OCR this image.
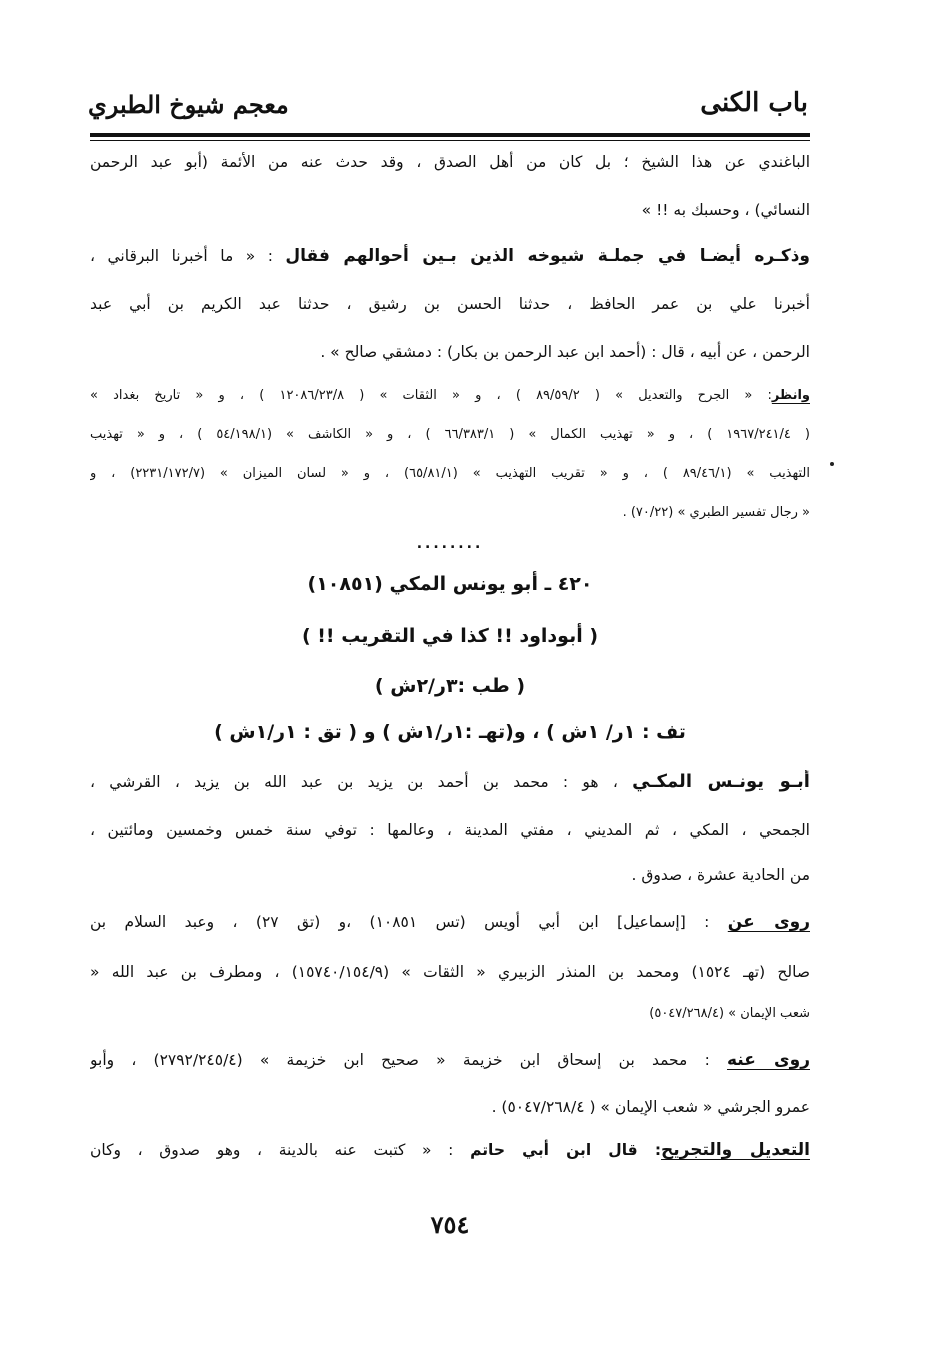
باب الكنى
معجم شيوخ الطبري
الباغندي عن هذا الشيخ ؛ بل كان من أهل الصدق ، وقد حدث عنه من الأئمة (أبو عبد الرحمن
النسائي) ، وحسبك به !! »
وذكـره أيضـا في جملـة شيوخه الذين بـين أحوالهم فقال : « ما أخبرنا البرقاني ،
أخبرنا علي بن عمر الحافظ ، حدثنا الحسن بن رشيق ، حدثنا عبد الكريم بن أبي عبد
الرحمن ، عن أبيه ، قال : (أحمد ابن عبد الرحمن بن بكار) : دمشقي صالح » .
وانظر: « الجرح والتعديل » ( ٨٩/٥٩/٢ ) ، و « الثقات » ( ١٢٠٨٦/٢٣/٨ ) ، و « تاريخ بغداد »
( ١٩٦٧/٢٤١/٤ ) ، و « تهذيب الكمال » ( ٦٦/٣٨٣/١ ) ، و « الكاشف » (٥٤/١٩٨/١ ) ، و « تهذيب
التهذيب » (٨٩/٤٦/١ ) ، و « تقريب التهذيب » (٦٥/٨١/١) ، و « لسان الميزان » (٢٢٣١/١٧٢/٧) ، و
« رجال تفسير الطبري » (٧٠/٢٢) .
........
٤٢٠ ـ أبو يونس المكي (١٠٨٥١)
( أبوداود !! كذا في التقريب !! )
( طب :٣ر/٢ش )
تف : ١ر/ ١ش ) ، و(تهـ :١ر/١ش ) و ( تق : ١ر/١ش )
أبـو يونـس المكـي ، هو : محمد بن أحمد بن يزيد بن عبد الله بن يزيد ، القرشي ،
الجمحي ، المكي ، ثم المديني ، مفتي المدينة ، وعالمها : توفي سنة خمس وخمسين ومائتين ،
من الحادية عشرة ، صدوق .
روى عن : [إسماعيل] ابن أبي أويس (تس ١٠٨٥١) ،و (تق ٢٧) ، وعبد السلام بن
صالح (تهـ ١٥٢٤) ومحمد بن المنذر الزبيري « الثقات » (١٥٧٤٠/١٥٤/٩) ، ومطرف بن عبد الله «
شعب الإيمان » (٥٠٤٧/٢٦٨/٤)
روى عنه : محمد بن إسحاق ابن خزيمة « صحيح ابن خزيمة » (٢٧٩٢/٢٤٥/٤) ، وأبو
عمرو الجرشي « شعب الإيمان » ( ٥٠٤٧/٢٦٨/٤) .
التعديل والتجريح: قال ابن أبي حاتم : « كتبت عنه بالدينة ، وهو صدوق ، وكان
٧٥٤
